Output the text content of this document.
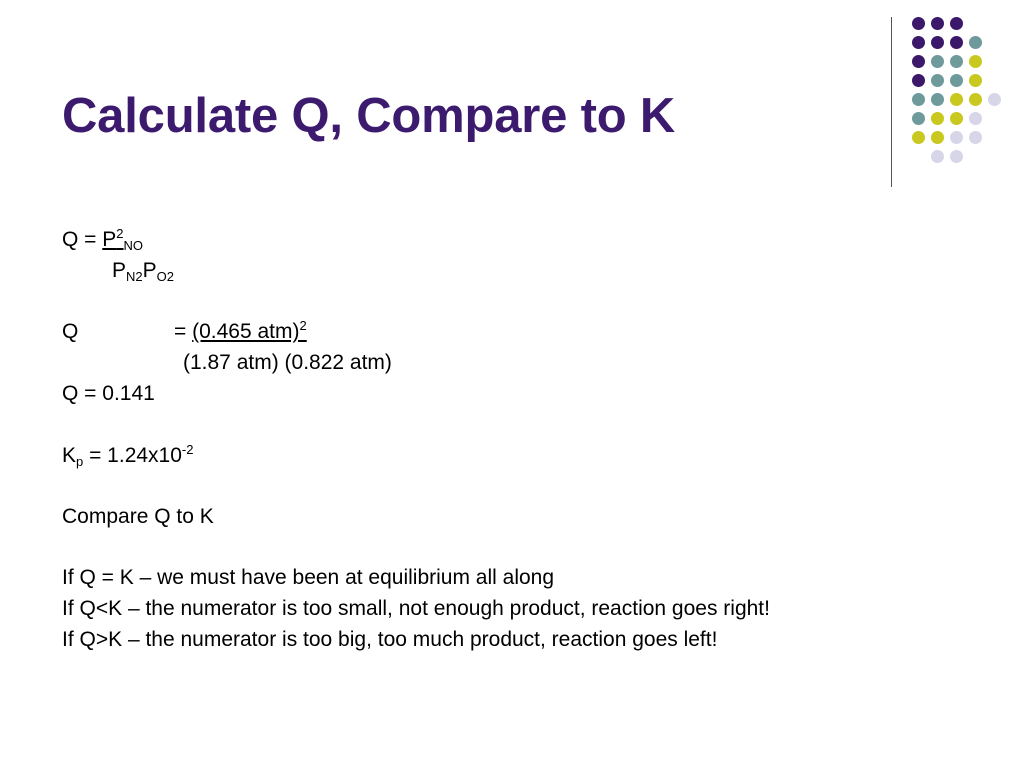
Calculate Q, Compare to K
$Q = P^2_{NO}$
$P_{N2}P_{O2}$
Q	= (0.465 atm)$^2$
(1.87 atm) (0.822 atm)
Q = 0.141
$K_p = 1.24x10^{-2}$
Compare Q to K
If Q = K – we must have been at equilibrium all along
If Q<K – the numerator is too small, not enough product, reaction goes right!
If Q>K – the numerator is too big, too much product, reaction goes left!
